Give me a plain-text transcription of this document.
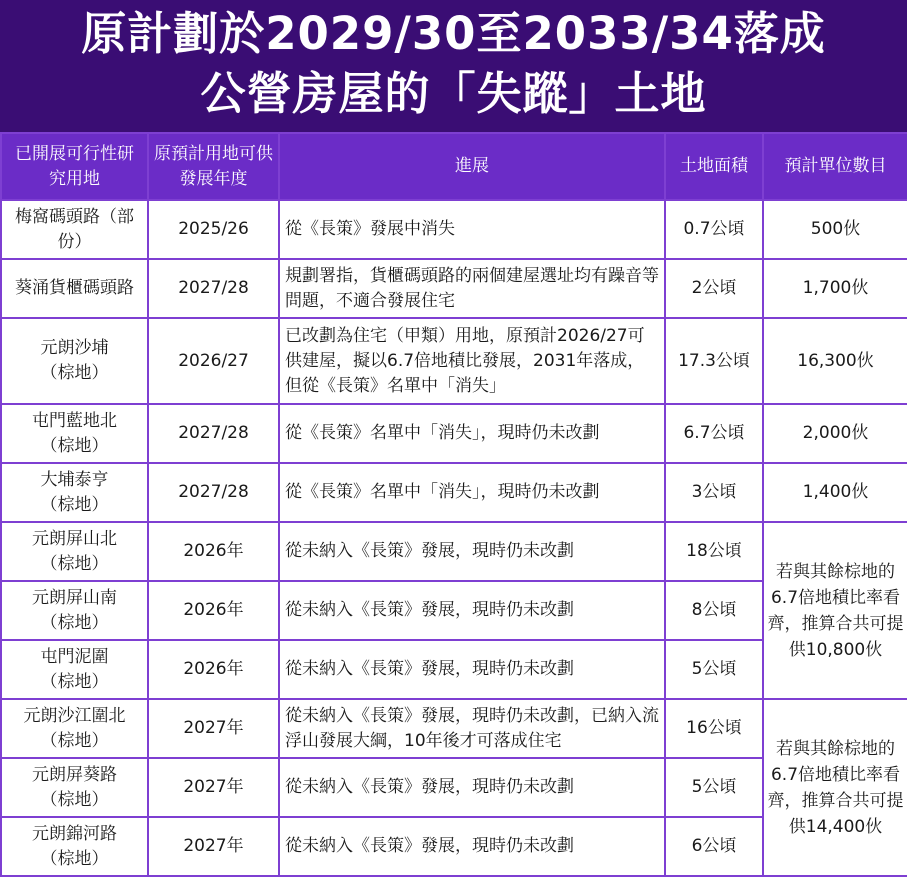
原計劃於2029/30至2033/34落成
公營房屋的「失蹤」土地
已開展可行性研究用地	原預計用地可供發展年度	進展	土地面積	預計單位數目
梅窩碼頭路（部份）	2025/26	從《長策》發展中消失	0.7公頃	500伙
葵涌貨櫃碼頭路	2027/28	規劃署指，貨櫃碼頭路的兩個建屋選址均有躁音等問題，不適合發展住宅	2公頃	1,700伙
元朗沙埔（棕地）	2026/27	已改劃為住宅（甲類）用地，原預計2026/27可供建屋，擬以6.7倍地積比發展，2031年落成，但從《長策》名單中「消失」	17.3公頃	16,300伙
屯門藍地北（棕地）	2027/28	從《長策》名單中「消失」，現時仍未改劃	6.7公頃	2,000伙
大埔泰亨（棕地）	2027/28	從《長策》名單中「消失」，現時仍未改劃	3公頃	1,400伙
元朗屏山北（棕地）	2026年	從未納入《長策》發展，現時仍未改劃	18公頃	若與其餘棕地的6.7倍地積比率看齊，推算合共可提供10,800伙
元朗屏山南（棕地）	2026年	從未納入《長策》發展，現時仍未改劃	8公頃	
屯門泥圍（棕地）	2026年	從未納入《長策》發展，現時仍未改劃	5公頃	
元朗沙江圍北（棕地）	2027年	從未納入《長策》發展，現時仍未改劃，已納入流浮山發展大綱，10年後才可落成住宅	16公頃	若與其餘棕地的6.7倍地積比率看齊，推算合共可提供14,400伙
元朗屏葵路（棕地）	2027年	從未納入《長策》發展，現時仍未改劃	5公頃	
元朗錦河路（棕地）	2027年	從未納入《長策》發展，現時仍未改劃	6公頃	
